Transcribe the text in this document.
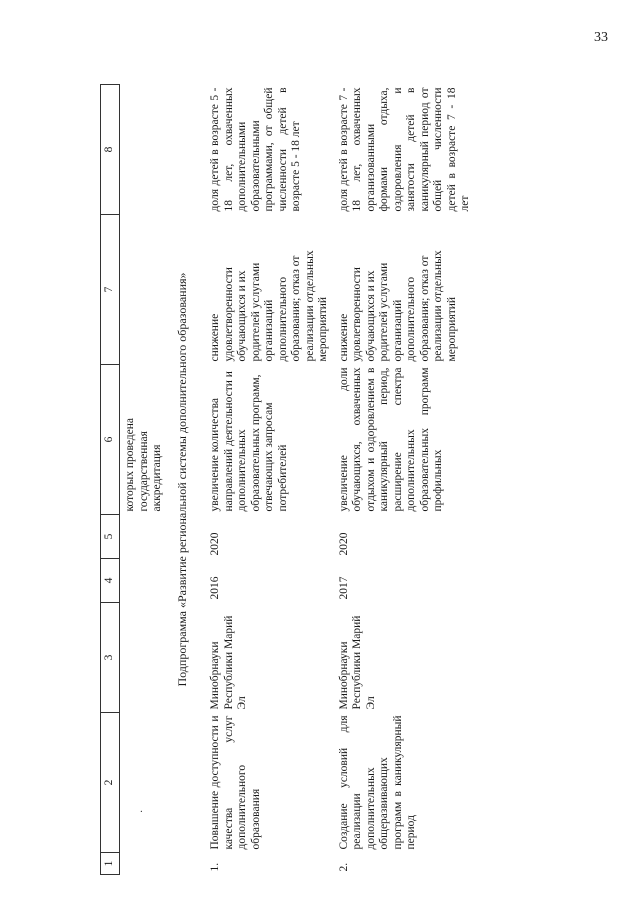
33
·
1	2	3	4	5	6	7	8
					которых проведена государственная аккредитация		
Подпрограмма «Развитие региональной системы дополнительного образования»							
1.	Повышение доступности и качества услуг дополнительного образования	Минобрнауки Республики Марий Эл	2016	2020	увеличение количества направлений деятельности и дополнительных образовательных программ, отвечающих запросам потребителей	снижение удовлетворенности обучающихся и их родителей услугами организаций дополнительного образования; отказ от реализации отдельных мероприятий	доля детей в возрасте 5 - 18 лет, охваченных дополнительными образовательными программами, от общей численности детей в возрасте 5 - 18 лет
2.	Создание условий для реализации дополнительных общеразвивающих программ в каникулярный период	Минобрнауки Республики Марий Эл	2017	2020	увеличение доли обучающихся, охваченных отдыхом и оздоровлением в каникулярный период, расширение спектра дополнительных образовательных программ профильных	снижение удовлетворенности обучающихся и их родителей услугами организаций дополнительного образования; отказ от реализации отдельных мероприятий	доля детей в возрасте 7 - 18 лет, охваченных организованными формами отдыха, оздоровления и занятости детей в каникулярный период от общей численности детей в возрасте 7 - 18 лет
